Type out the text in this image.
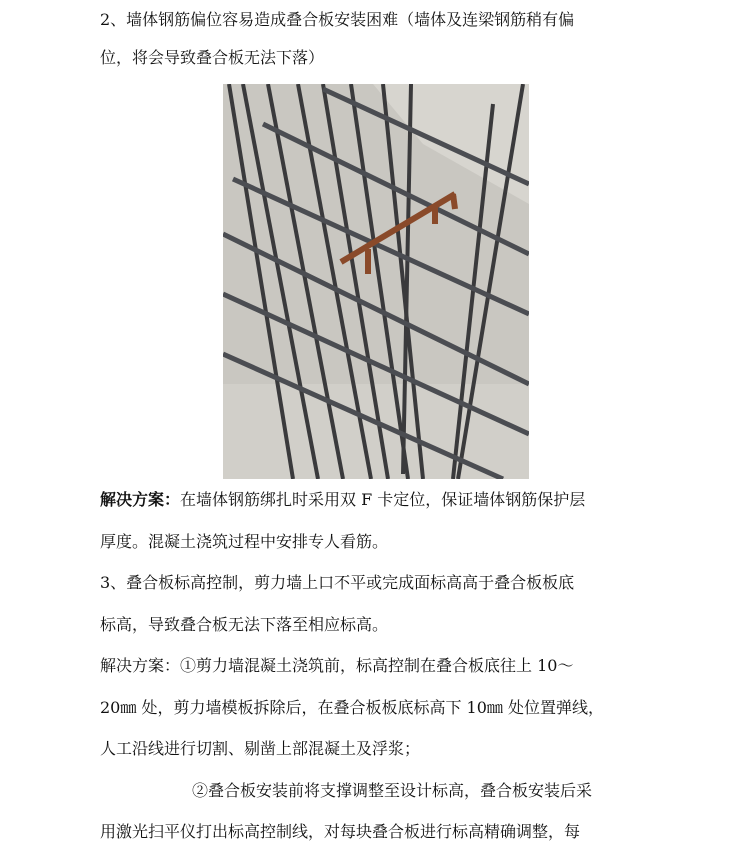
2、墙体钢筋偏位容易造成叠合板安装困难（墙体及连梁钢筋稍有偏
位，将会导致叠合板无法下落）
解决方案：在墙体钢筋绑扎时采用双 F 卡定位，保证墙体钢筋保护层
厚度。混凝土浇筑过程中安排专人看筋。
3、叠合板标高控制，剪力墙上口不平或完成面标高高于叠合板板底
标高，导致叠合板无法下落至相应标高。
解决方案：①剪力墙混凝土浇筑前，标高控制在叠合板底往上 10～
20㎜ 处，剪力墙模板拆除后，在叠合板板底标高下 10㎜ 处位置弹线，
人工沿线进行切割、剔凿上部混凝土及浮浆；
②叠合板安装前将支撑调整至设计标高，叠合板安装后采
用激光扫平仪打出标高控制线，对每块叠合板进行标高精确调整，每
